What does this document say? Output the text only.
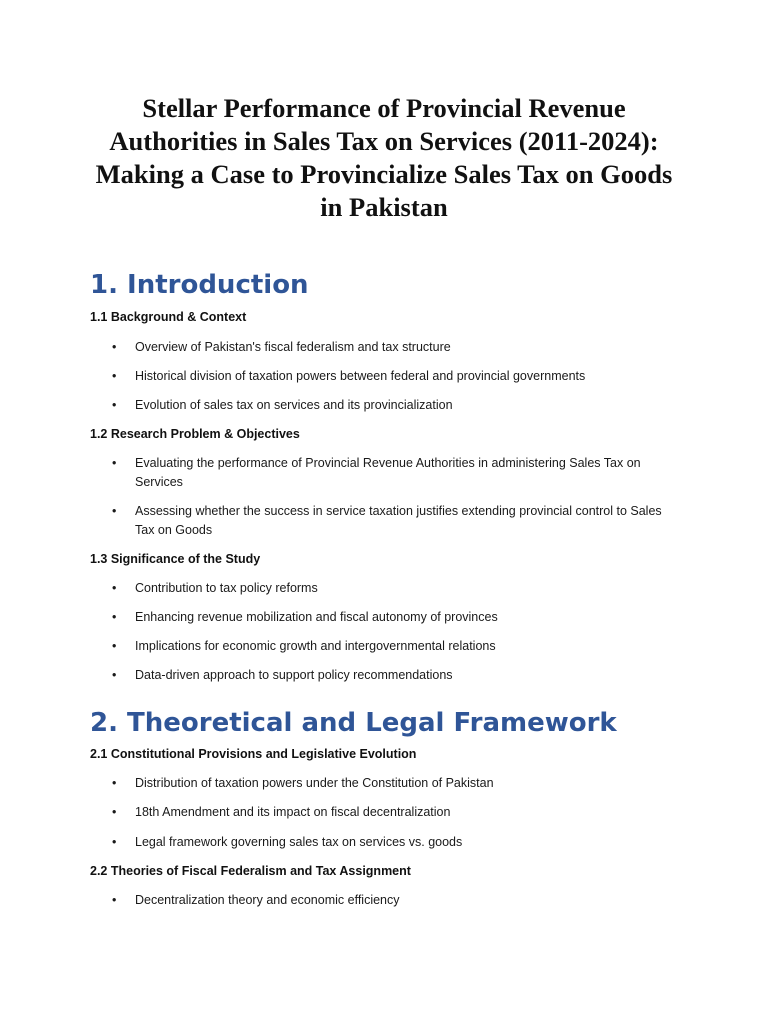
Stellar Performance of Provincial Revenue Authorities in Sales Tax on Services (2011-2024): Making a Case to Provincialize Sales Tax on Goods in Pakistan
1. Introduction
1.1 Background & Context
•	Overview of Pakistan's fiscal federalism and tax structure
•	Historical division of taxation powers between federal and provincial governments
•	Evolution of sales tax on services and its provincialization
1.2 Research Problem & Objectives
•	Evaluating the performance of Provincial Revenue Authorities in administering Sales Tax on Services
•	Assessing whether the success in service taxation justifies extending provincial control to Sales Tax on Goods
1.3 Significance of the Study
•	Contribution to tax policy reforms
•	Enhancing revenue mobilization and fiscal autonomy of provinces
•	Implications for economic growth and intergovernmental relations
•	Data-driven approach to support policy recommendations
2. Theoretical and Legal Framework
2.1 Constitutional Provisions and Legislative Evolution
•	Distribution of taxation powers under the Constitution of Pakistan
•	18th Amendment and its impact on fiscal decentralization
•	Legal framework governing sales tax on services vs. goods
2.2 Theories of Fiscal Federalism and Tax Assignment
•	Decentralization theory and economic efficiency
